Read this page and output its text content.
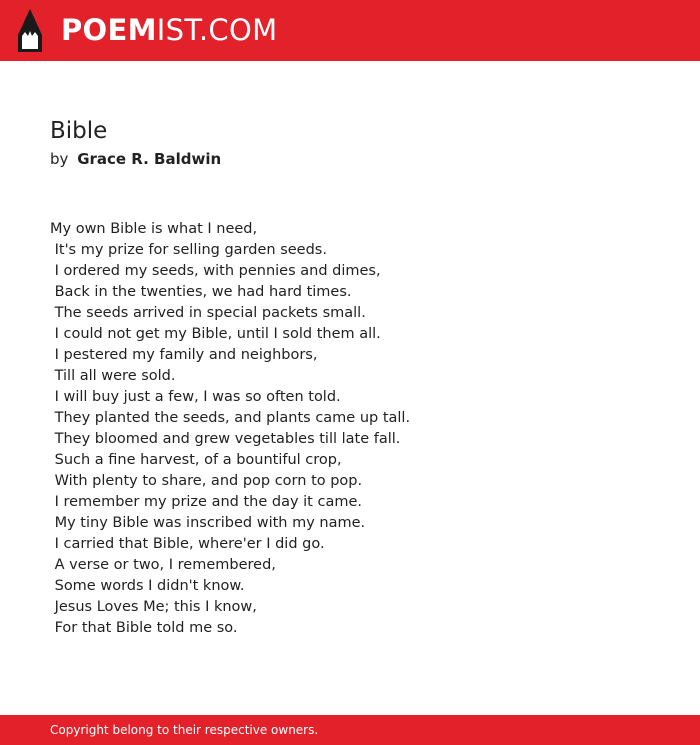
POEMIST.COM
Bible
by Grace R. Baldwin
My own Bible is what I need,
It's my prize for selling garden seeds.
I ordered my seeds, with pennies and dimes,
Back in the twenties, we had hard times.
The seeds arrived in special packets small.
I could not get my Bible, until I sold them all.
I pestered my family and neighbors,
Till all were sold.
I will buy just a few, I was so often told.
They planted the seeds, and plants came up tall.
They bloomed and grew vegetables till late fall.
Such a fine harvest, of a bountiful crop,
With plenty to share, and pop corn to pop.
I remember my prize and the day it came.
My tiny Bible was inscribed with my name.
I carried that Bible, where'er I did go.
A verse or two, I remembered,
Some words I didn't know.
Jesus Loves Me; this I know,
For that Bible told me so.
Copyright belong to their respective owners.
